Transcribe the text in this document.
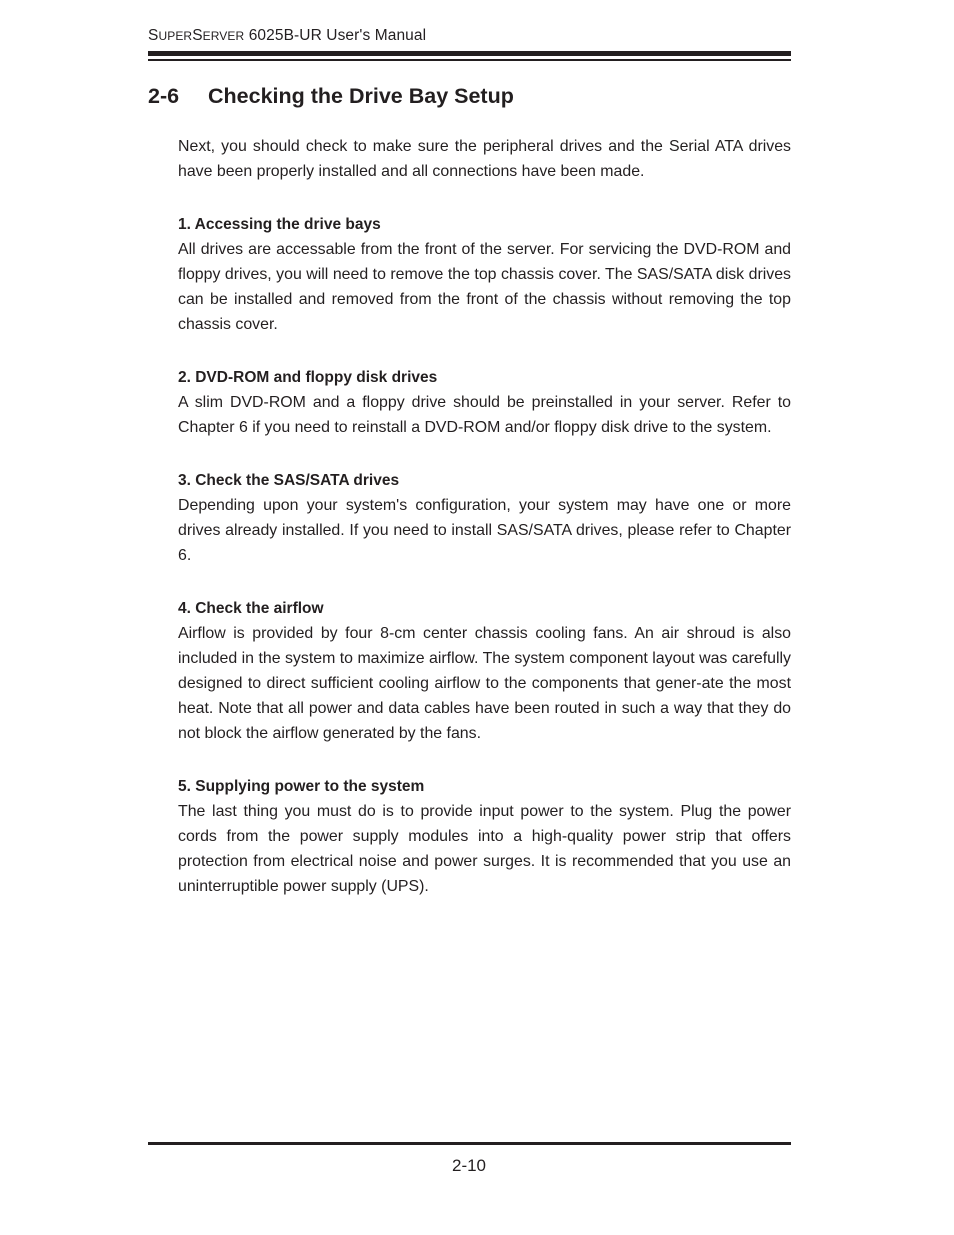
SUPERSERVER 6025B-UR User's Manual
2-6 Checking the Drive Bay Setup

Next, you should check to make sure the peripheral drives and the Serial ATA drives have been properly installed and all connections have been made.

1. Accessing the drive bays

All drives are accessable from the front of the server. For servicing the DVD-ROM and floppy drives, you will need to remove the top chassis cover. The SAS/SATA disk drives can be installed and removed from the front of the chassis without removing the top chassis cover.

2. DVD-ROM and floppy disk drives

A slim DVD-ROM and a floppy drive should be preinstalled in your server. Refer to Chapter 6 if you need to reinstall a DVD-ROM and/or floppy disk drive to the system.

3. Check the SAS/SATA drives

Depending upon your system's configuration, your system may have one or more drives already installed. If you need to install SAS/SATA drives, please refer to Chapter 6.

4. Check the airflow

Airflow is provided by four 8-cm center chassis cooling fans. An air shroud is also included in the system to maximize airflow. The system component layout was carefully designed to direct sufficient cooling airflow to the components that gener-ate the most heat. Note that all power and data cables have been routed in such a way that they do not block the airflow generated by the fans.

5. Supplying power to the system

The last thing you must do is to provide input power to the system. Plug the power cords from the power supply modules into a high-quality power strip that offers protection from electrical noise and power surges. It is recommended that you use an uninterruptible power supply (UPS).

2-10
